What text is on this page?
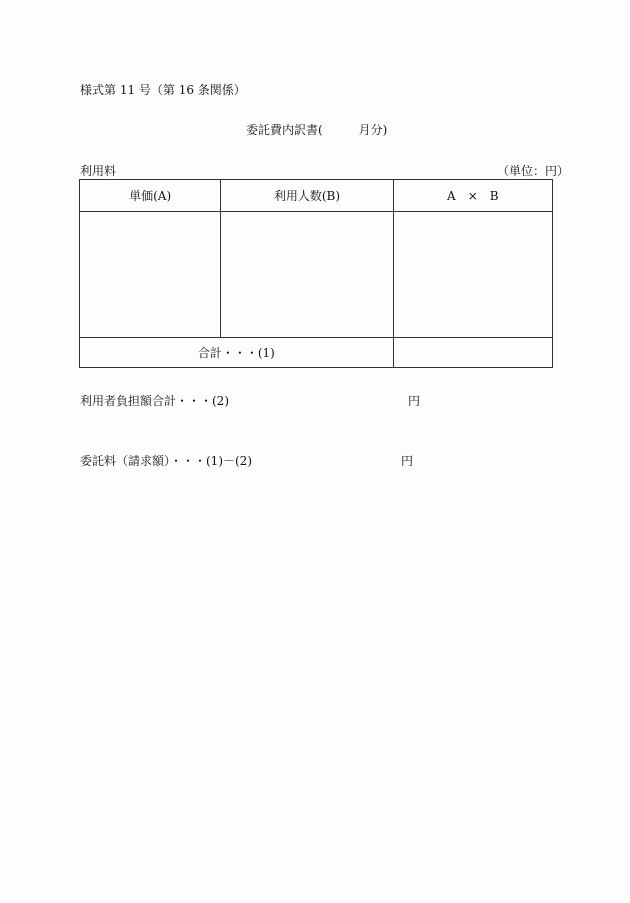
様式第 11 号（第 16 条関係）
委託費内訳書(　　　月分)
利用料	（単位：円）
単価(A)	利用人数(B)	A　×　B

合計・・・(1)		
利用者負担額合計・・・(2)	円
委託料（請求額）・・・(1)－(2)	円
